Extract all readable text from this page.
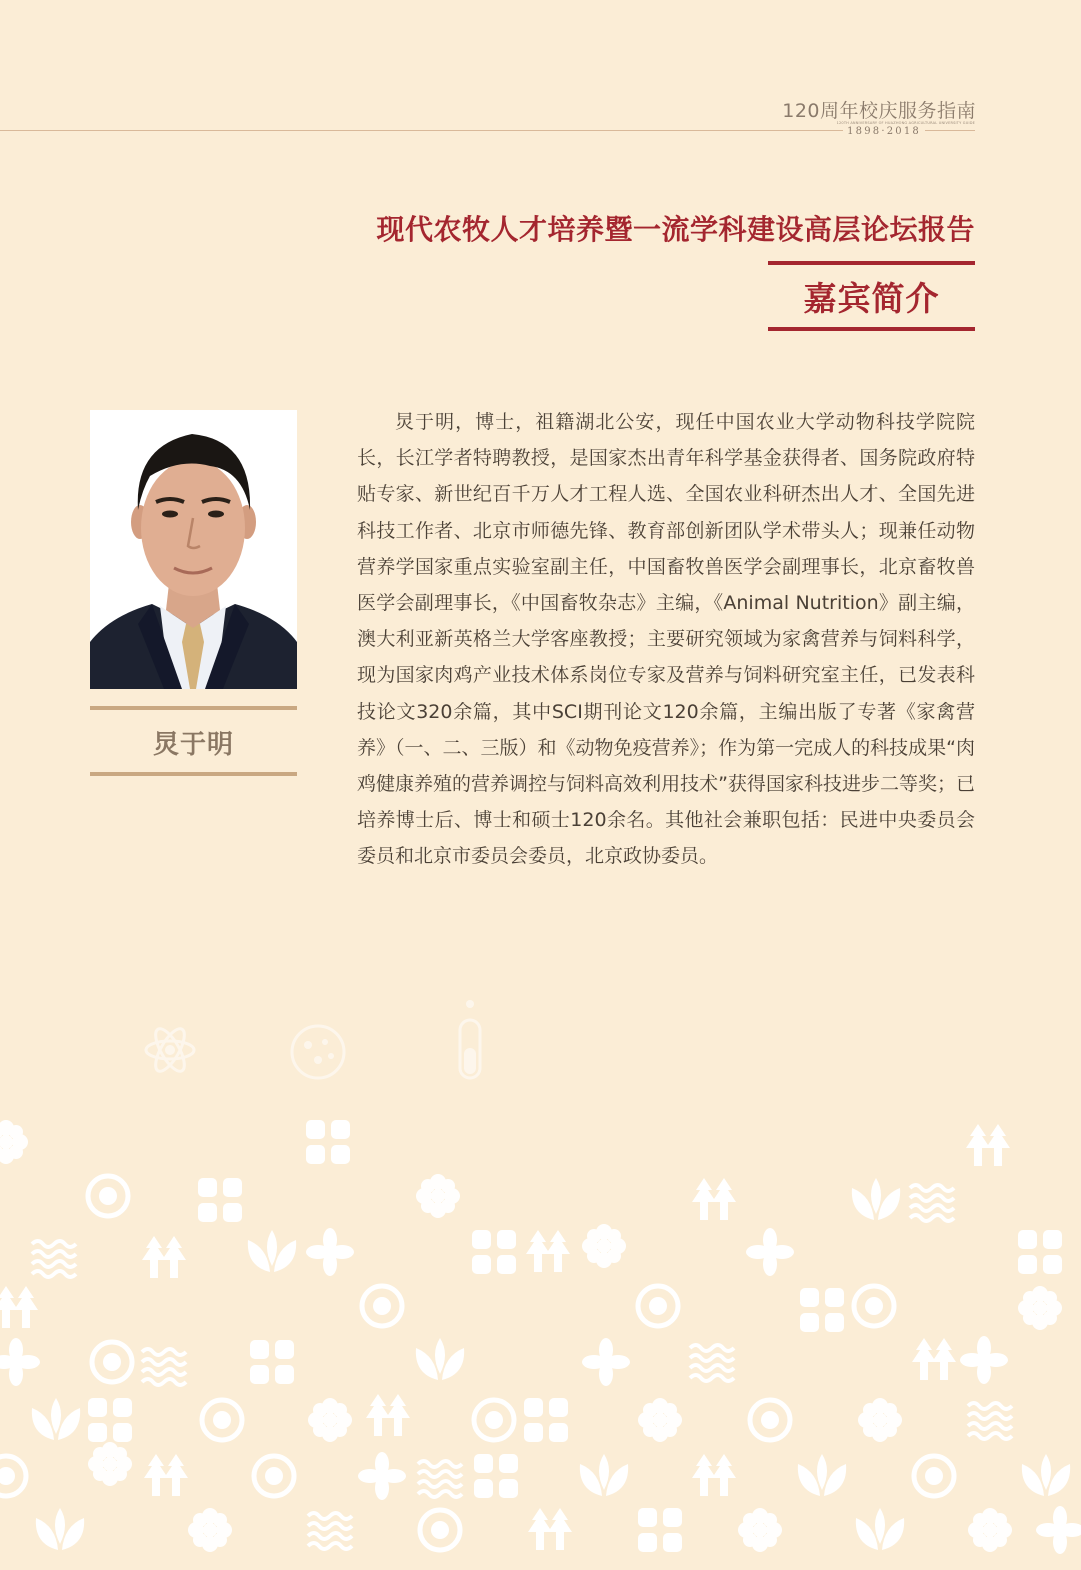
120周年校庆服务指南
120TH ANNIVERSARY OF HUAZHONG AGRICULTURAL UNIVERSITY GUIDE
1898·2018
现代农牧人才培养暨一流学科建设高层论坛报告
嘉宾简介
炅于明

炅于明，博士，祖籍湖北公安，现任中国农业大学动物科技学院院长，长江学者特聘教授，是国家杰出青年科学基金获得者、国务院政府特贴专家、新世纪百千万人才工程人选、全国农业科研杰出人才、全国先进科技工作者、北京市师德先锋、教育部创新团队学术带头人；现兼任动物营养学国家重点实验室副主任，中国畜牧兽医学会副理事长，北京畜牧兽医学会副理事长，《中国畜牧杂志》主编，《Animal Nutrition》副主编，澳大利亚新英格兰大学客座教授；主要研究领域为家禽营养与饲料科学，现为国家肉鸡产业技术体系岗位专家及营养与饲料研究室主任，已发表科技论文320余篇，其中SCI期刊论文120余篇，主编出版了专著《家禽营养》（一、二、三版）和《动物免疫营养》；作为第一完成人的科技成果“肉鸡健康养殖的营养调控与饲料高效利用技术”获得国家科技进步二等奖；已培养博士后、博士和硕士120余名。其他社会兼职包括：民进中央委员会委员和北京市委员会委员，北京政协委员。
